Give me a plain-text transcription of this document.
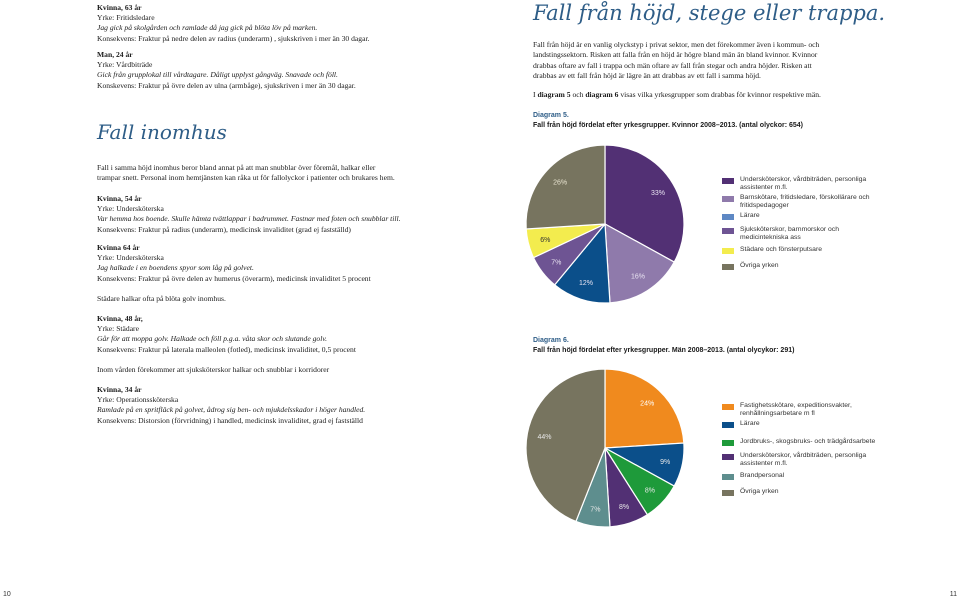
Kvinna, 63 år
Yrke: Fritidsledare
Jag gick på skolgården och ramlade då jag gick på blöta löv på marken.
Konsekvens: Fraktur på nedre delen av radius (underarm) , sjukskriven i mer än 30 dagar.
Man, 24 år
Yrke: Vårdbiträde
Gick från grupplokal till vårdtagare. Dåligt upplyst gångväg. Snavade och föll.
Konskevens: Fraktur på övre delen av ulna (armbåge), sjukskriven i mer än 30 dagar.
Fall inomhus
Fall i samma höjd inomhus beror bland annat på att man snubblar över föremål, halkar eller
trampar snett. Personal inom hemtjänsten kan råka ut för fallolyckor i patienter och brukares hem.
Kvinna, 54 år
Yrke: Undersköterska
Var hemma hos boende. Skulle hämta tvättlappar i badrummet. Fastnar med foten och snubblar till.
Konsekvens: Fraktur på radius (underarm), medicinsk invaliditet (grad ej fastställd)
Kvinna 64 år
Yrke: Undersköterska
Jag halkade i en boendens spyor som låg på golvet.
Konsekvens: Fraktur på övre delen av humerus (överarm), medicinsk invaliditet 5 procent
Städare halkar ofta på blöta golv inomhus.
Kvinna, 48 år,
Yrke: Städare
Går för att moppa golv. Halkade och föll p.g.a. våta skor och slutande golv.
Konsekvens: Fraktur på laterala malleolen (fotled), medicinsk invaliditet, 0,5 procent
Inom vården förekommer att sjuksköterskor halkar och snubblar i korridorer
Kvinna, 34 år
Yrke: Operationssköterska
Ramlade på en spritfläck på golvet, ådrog sig ben- och mjukdelsskador i höger handled.
Konsekvens: Distorsion (förvridning) i handled, medicinsk invaliditet, grad ej fastställd
10
Fall från höjd, stege eller trappa.
Fall från höjd är en vanlig olyckstyp i privat sektor, men det förekommer även i kommun- och
landstingssektorn. Risken att falla från en höjd är högre bland män än bland kvinnor. Kvinnor
drabbas oftare av fall i trappa och män oftare av fall från stegar och andra höjder. Risken att
drabbas av ett fall från höjd är lägre än att drabbas av ett fall i samma höjd.
I diagram 5 och diagram 6 visas vilka yrkesgrupper som drabbas för kvinnor respektive män.
Diagram 5.
Fall från höjd fördelat efter yrkesgrupper. Kvinnor 2008–2013. (antal olyckor: 654)
33%
16%
12%
7%
6%
26%	Undersköterskor, vårdbiträden, personliga assistenter m.fl.
Barnskötare, fritidsledare, förskollärare och fritidspedagoger
Lärare
Sjuksköterskor, barnmorskor och medicintekniska ass
Städare och fönsterputsare
Övriga yrken
Diagram 6.
Fall från höjd fördelat efter yrkesgrupper. Män 2008–2013. (antal olycykor: 291)
24%
9%
8%
8%
7%
44%
Fastighetsskötare, expeditionsvakter, renhållningsarbetare m fl
Lärare
Jordbruks-, skogsbruks- och trädgårdsarbete
Undersköterskor, vårdbiträden, personliga assistenter m.fl.
Brandpersonal
Övriga yrken
11
